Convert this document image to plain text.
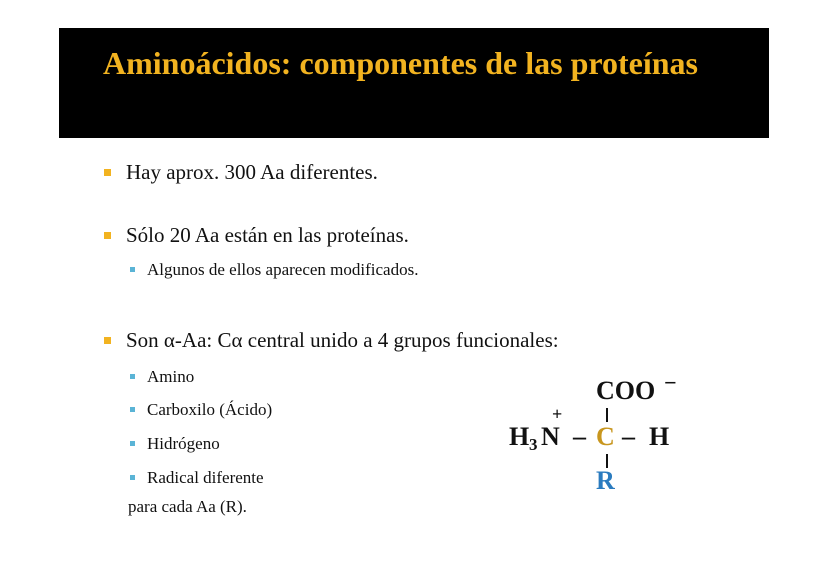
Aminoácidos: componentes de las proteínas
Hay aprox. 300 Aa diferentes.
Sólo 20 Aa están en las proteínas.
Algunos de ellos aparecen modificados.
Son α-Aa: Cα central unido a 4 grupos funcionales:
Amino
Carboxilo (Ácido)
Hidrógeno
Radical diferente
para cada Aa (R).
COO −
+
H 3 N – C – H
R
